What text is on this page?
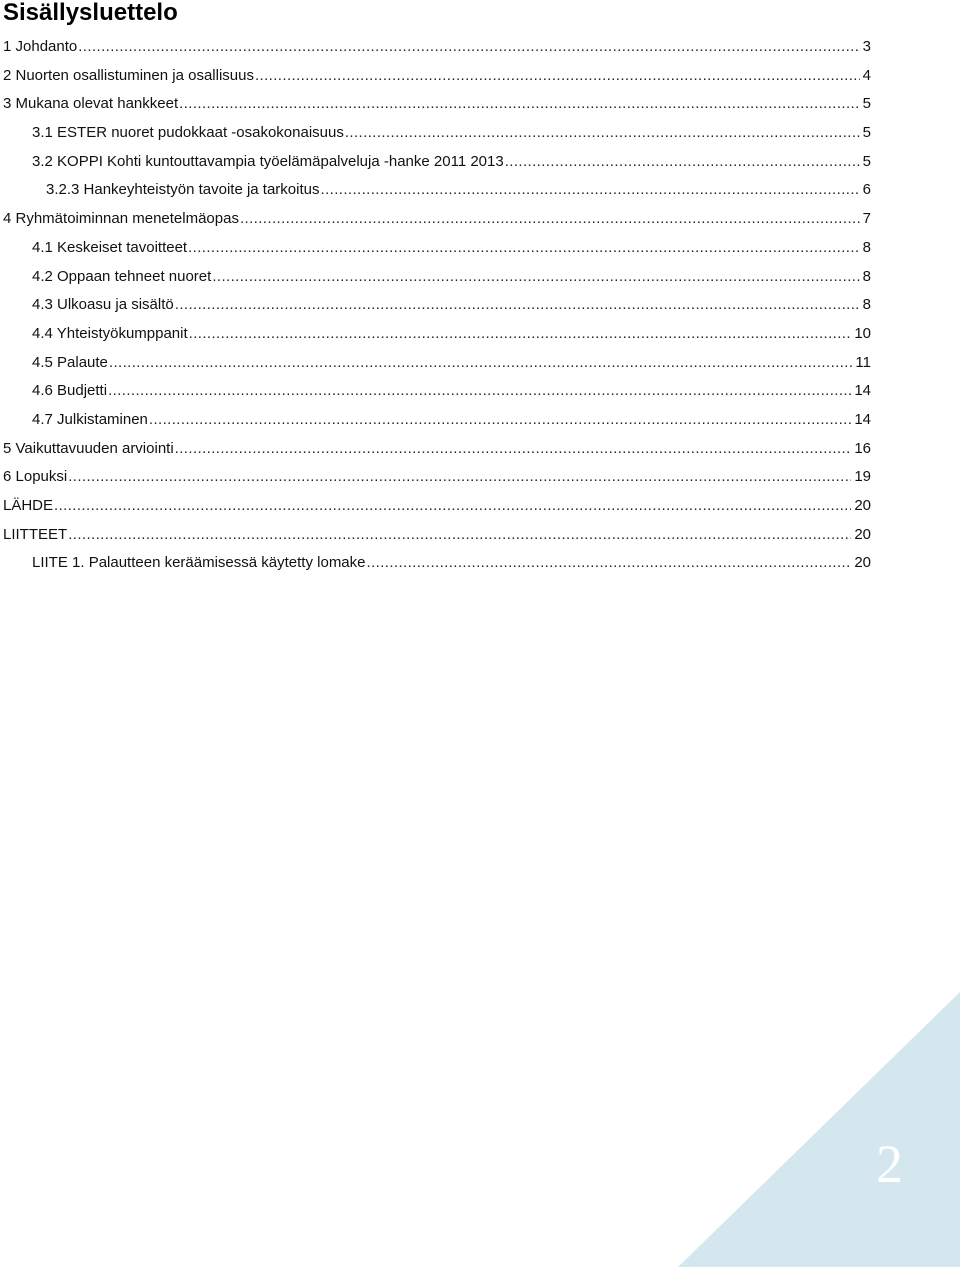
Sisällysluettelo
1 Johdanto .....	3
2 Nuorten osallistuminen ja osallisuus .....	4
3 Mukana olevat hankkeet .....	5
3.1 ESTER nuoret pudokkaat -osakokonaisuus .....	5
3.2 KOPPI Kohti kuntouttavampia työelämäpalveluja -hanke 2011 2013 .....	5
3.2.3 Hankeyhteistyön tavoite ja tarkoitus .....	6
4 Ryhmätoiminnan menetelmäopas .....	7
4.1 Keskeiset tavoitteet .....	8
4.2 Oppaan tehneet nuoret .....	8
4.3 Ulkoasu ja sisältö .....	8
4.4 Yhteistyökumppanit .....	10
4.5 Palaute .....	11
4.6 Budjetti .....	14
4.7 Julkistaminen .....	14
5 Vaikuttavuuden arviointi .....	16
6 Lopuksi .....	19
LÄHDE .....	20
LIITTEET .....	20
LIITE 1. Palautteen keräämisessä käytetty lomake .....	20
2
